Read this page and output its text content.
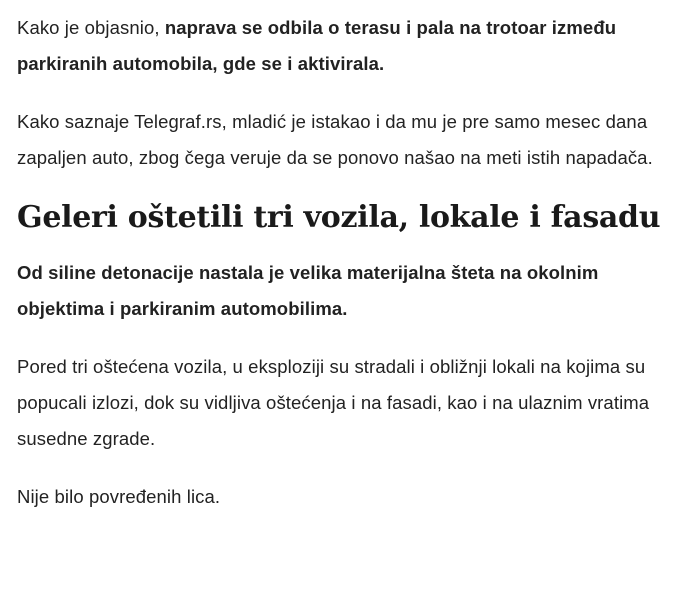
Kako je objasnio, naprava se odbila o terasu i pala na trotoar između parkiranih automobila, gde se i aktivirala.

Kako saznaje Telegraf.rs, mladić je istakao i da mu je pre samo mesec dana zapaljen auto, zbog čega veruje da se ponovo našao na meti istih napadača.

Geleri oštetili tri vozila, lokale i fasadu

Od siline detonacije nastala je velika materijalna šteta na okolnim objektima i parkiranim automobilima.

Pored tri oštećena vozila, u eksploziji su stradali i obližnji lokali na kojima su popucali izlozi, dok su vidljiva oštećenja i na fasadi, kao i na ulaznim vratima susedne zgrade.

Nije bilo povređenih lica.
